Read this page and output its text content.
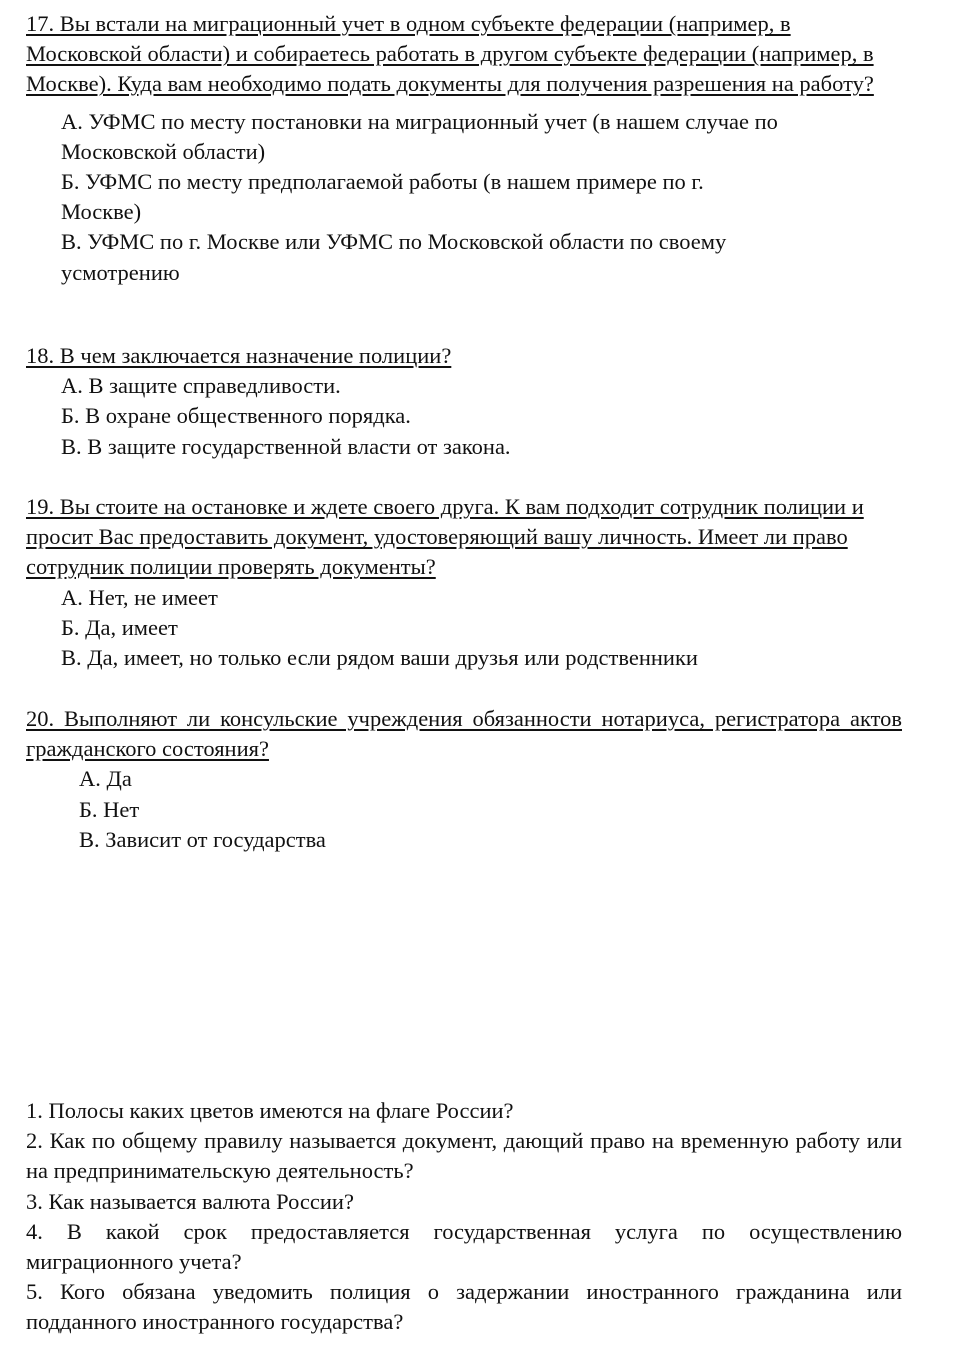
17. Вы встали на миграционный учет в одном субъекте федерации (например, в Московской области) и собираетесь работать в другом субъекте федерации (например, в Москве). Куда вам необходимо подать документы для получения разрешения на работу?
А. УФМС по месту постановки на миграционный учет (в нашем случае по Московской области)
Б. УФМС по месту предполагаемой работы (в нашем примере по г. Москве)
В. УФМС по г. Москве или УФМС по Московской области по своему усмотрению
18. В чем заключается назначение полиции?
А. В защите справедливости.
Б. В охране общественного порядка.
В. В защите государственной власти от закона.
19. Вы стоите на остановке и ждете своего друга. К вам подходит сотрудник полиции и просит Вас предоставить документ, удостоверяющий вашу личность. Имеет ли право сотрудник полиции проверять документы?
А. Нет, не имеет
Б. Да, имеет
В. Да, имеет, но только если рядом ваши друзья или родственники
20. Выполняют ли консульские учреждения обязанности нотариуса, регистратора актов гражданского состояния?
А. Да
Б. Нет
В. Зависит от государства
1. Полосы каких цветов имеются на флаге России?
2. Как по общему правилу называется документ, дающий право на временную работу или на предпринимательскую деятельность?
3. Как называется валюта России?
4. В какой срок предоставляется государственная услуга по осуществлению миграционного учета?
5. Кого обязана уведомить полиция о задержании иностранного гражданина или подданного иностранного государства?
